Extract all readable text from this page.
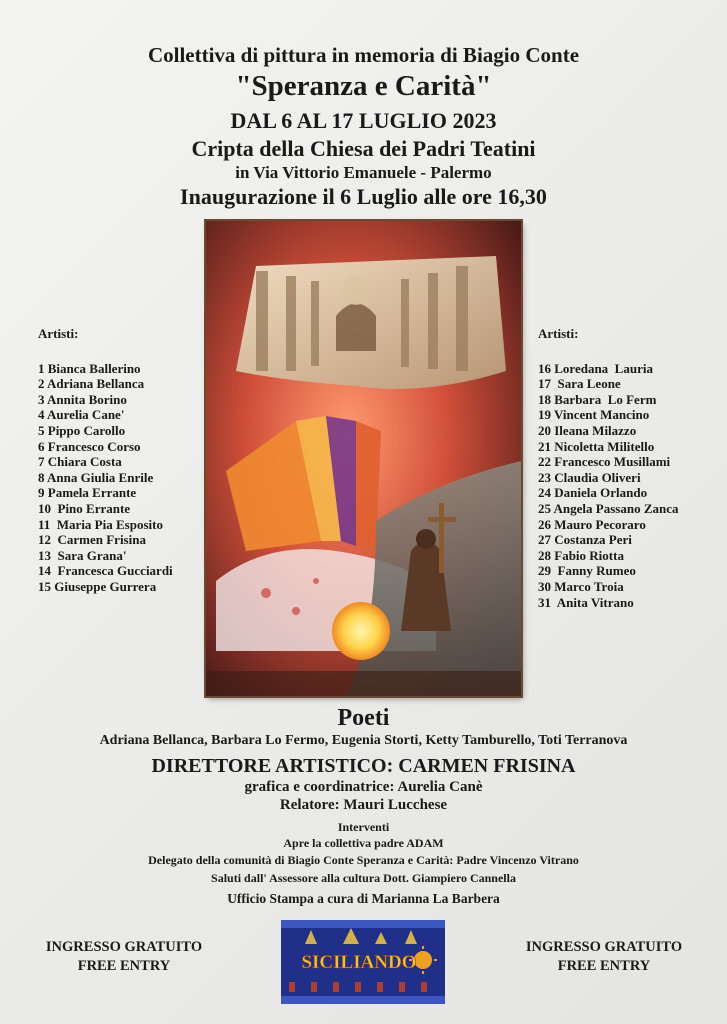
Collettiva di pittura in memoria di Biagio Conte
"Speranza e Carità"
DAL 6 AL 17 LUGLIO 2023
Cripta della Chiesa dei Padri Teatini
in Via Vittorio Emanuele - Palermo
Inaugurazione il 6 Luglio alle ore 16,30
Artisti:
1 Bianca Ballerino
2 Adriana Bellanca
3 Annita Borino
4 Aurelia Cane'
5 Pippo Carollo
6 Francesco Corso
7 Chiara Costa
8 Anna Giulia Enrile
9 Pamela Errante
10  Pino Errante
11  Maria Pia Esposito
12  Carmen Frisina
13  Sara Grana'
14  Francesca Gucciardi
15 Giuseppe Gurrera
Artisti:
16 Loredana  Lauria
17  Sara Leone
18 Barbara  Lo Ferm
19 Vincent Mancino
20 Ileana Milazzo
21 Nicoletta Militello
22 Francesco Musillami
23 Claudia Oliveri
24 Daniela Orlando
25 Angela Passano Zanca
26 Mauro Pecoraro
27 Costanza Peri
28 Fabio Riotta
29  Fanny Rumeo
30 Marco Troia
31  Anita Vitrano
Poeti
Adriana Bellanca, Barbara Lo Fermo, Eugenia Storti, Ketty Tamburello, Toti Terranova
DIRETTORE ARTISTICO: CARMEN FRISINA
grafica e coordinatrice: Aurelia Canè
Relatore: Mauri Lucchese
Interventi
Apre la collettiva padre ADAM
Delegato della comunità di Biagio Conte Speranza e Carità: Padre Vincenzo Vitrano
Saluti dall' Assessore alla cultura Dott. Giampiero Cannella
Ufficio Stampa a cura di Marianna La Barbera
INGRESSO GRATUITO
FREE ENTRY	SICILIANDO
INGRESSO GRATUITO
FREE ENTRY
